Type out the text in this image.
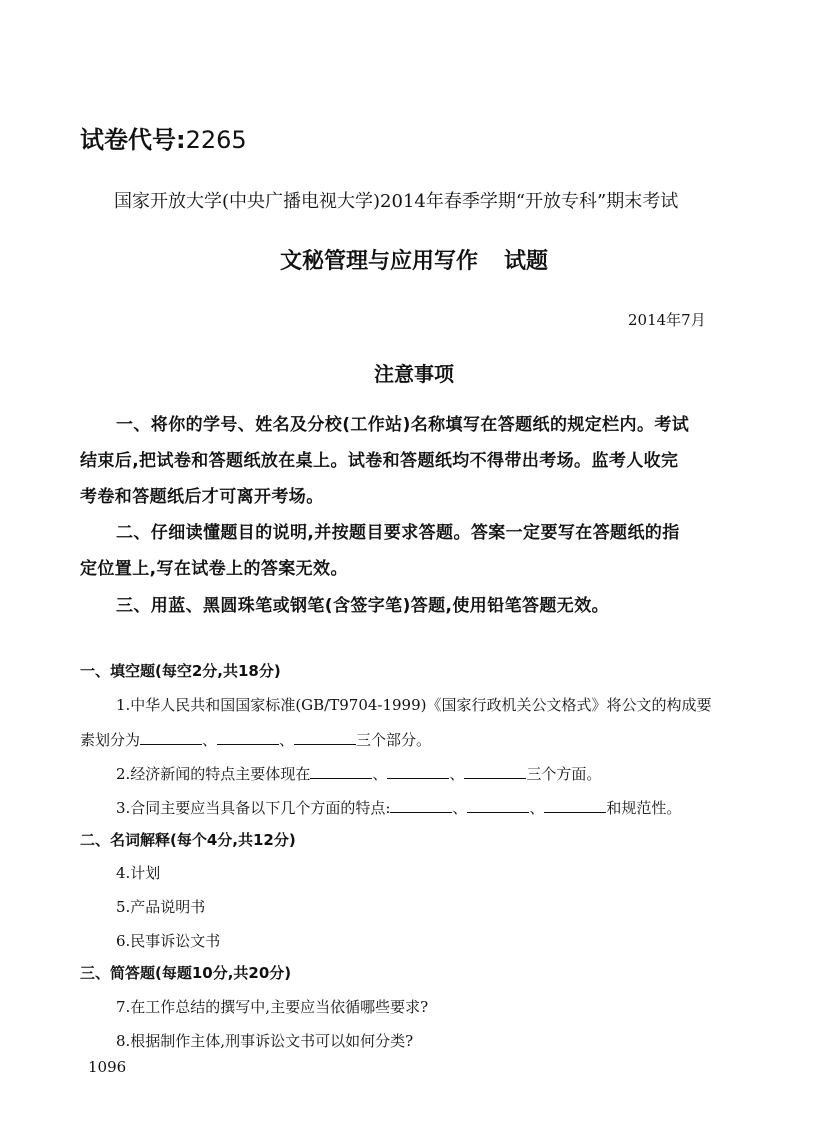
试卷代号:2265
国家开放大学(中央广播电视大学)2014年春季学期“开放专科”期末考试
文秘管理与应用写作 试题
2014年7月
注意事项
一、将你的学号、姓名及分校(工作站)名称填写在答题纸的规定栏内。考试
结束后,把试卷和答题纸放在桌上。试卷和答题纸均不得带出考场。监考人收完
考卷和答题纸后才可离开考场。
二、仔细读懂题目的说明,并按题目要求答题。答案一定要写在答题纸的指
定位置上,写在试卷上的答案无效。
三、用蓝、黑圆珠笔或钢笔(含签字笔)答题,使用铅笔答题无效。
一、填空题(每空2分,共18分)
1.中华人民共和国国家标准(GB/T9704-1999)《国家行政机关公文格式》将公文的构成要
素划分为	、	、	三个部分。
2.经济新闻的特点主要体现在	、	、	三个方面。
3.合同主要应当具备以下几个方面的特点:	、	、	和规范性。
二、名词解释(每个4分,共12分)
4.计划
5.产品说明书
6.民事诉讼文书
三、简答题(每题10分,共20分)
7.在工作总结的撰写中,主要应当依循哪些要求?
8.根据制作主体,刑事诉讼文书可以如何分类?
1096
